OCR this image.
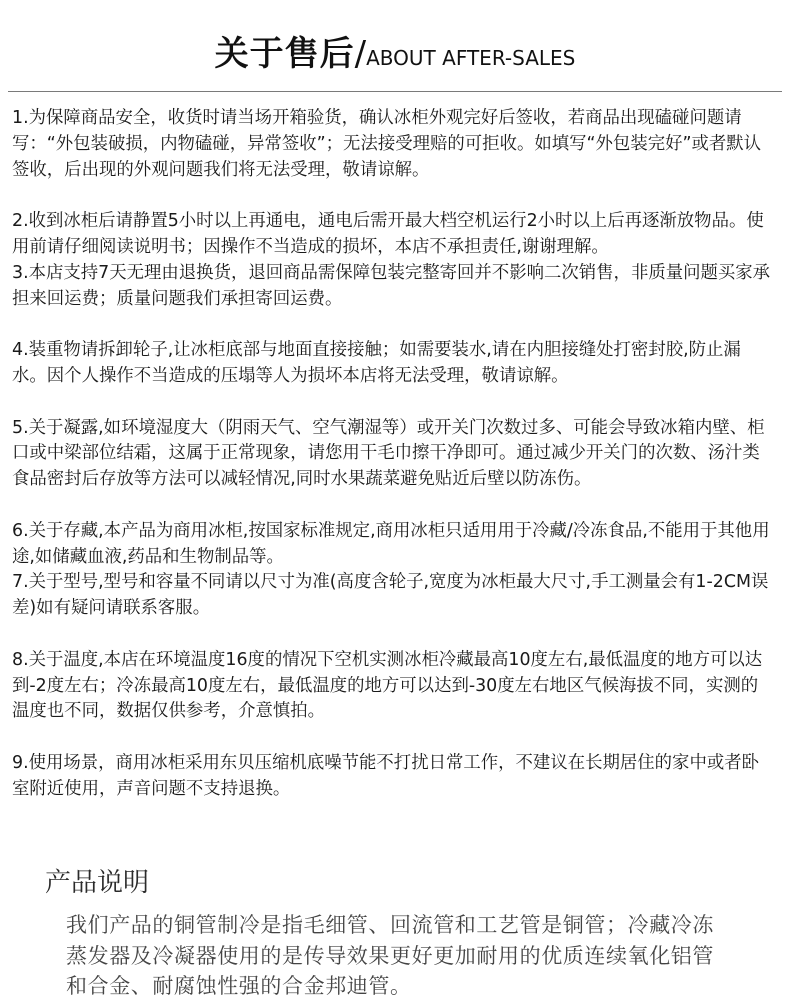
关于售后/ABOUT AFTER-SALES

1.为保障商品安全，收货时请当场开箱验货，确认冰柜外观完好后签收，若商品出现磕碰问题请写：“外包装破损，内物磕碰，异常签收”；无法接受理赔的可拒收。如填写“外包装完好”或者默认签收，后出现的外观问题我们将无法受理，敬请谅解。

2.收到冰柜后请静置5小时以上再通电，通电后需开最大档空机运行2小时以上后再逐渐放物品。使用前请仔细阅读说明书；因操作不当造成的损坏，本店不承担责任,谢谢理解。

3.本店支持7天无理由退换货，退回商品需保障包装完整寄回并不影响二次销售，非质量问题买家承担来回运费；质量问题我们承担寄回运费。

4.装重物请拆卸轮子,让冰柜底部与地面直接接触；如需要装水,请在内胆接缝处打密封胶,防止漏水。因个人操作不当造成的压塌等人为损坏本店将无法受理，敬请谅解。

5.关于凝露,如环境湿度大（阴雨天气、空气潮湿等）或开关门次数过多、可能会导致冰箱内壁、柜口或中梁部位结霜，这属于正常现象，请您用干毛巾擦干净即可。通过减少开关门的次数、汤汁类食品密封后存放等方法可以减轻情况,同时水果蔬菜避免贴近后壁以防冻伤。

6.关于存藏,本产品为商用冰柜,按国家标准规定,商用冰柜只适用用于冷藏/冷冻食品,不能用于其他用途,如储藏血液,药品和生物制品等。

7.关于型号,型号和容量不同请以尺寸为准(高度含轮子,宽度为冰柜最大尺寸,手工测量会有1-2CM误差)如有疑问请联系客服。

8.关于温度,本店在环境温度16度的情况下空机实测冰柜冷藏最高10度左右,最低温度的地方可以达到-2度左右；冷冻最高10度左右，最低温度的地方可以达到-30度左右地区气候海拔不同，实测的温度也不同，数据仅供参考，介意慎拍。

9.使用场景，商用冰柜采用东贝压缩机底噪节能不打扰日常工作，不建议在长期居住的家中或者卧室附近使用，声音问题不支持退换。

产品说明
我们产品的铜管制冷是指毛细管、回流管和工艺管是铜管；冷藏冷冻蒸发器及冷凝器使用的是传导效果更好更加耐用的优质连续氧化铝管和合金、耐腐蚀性强的合金邦迪管。
